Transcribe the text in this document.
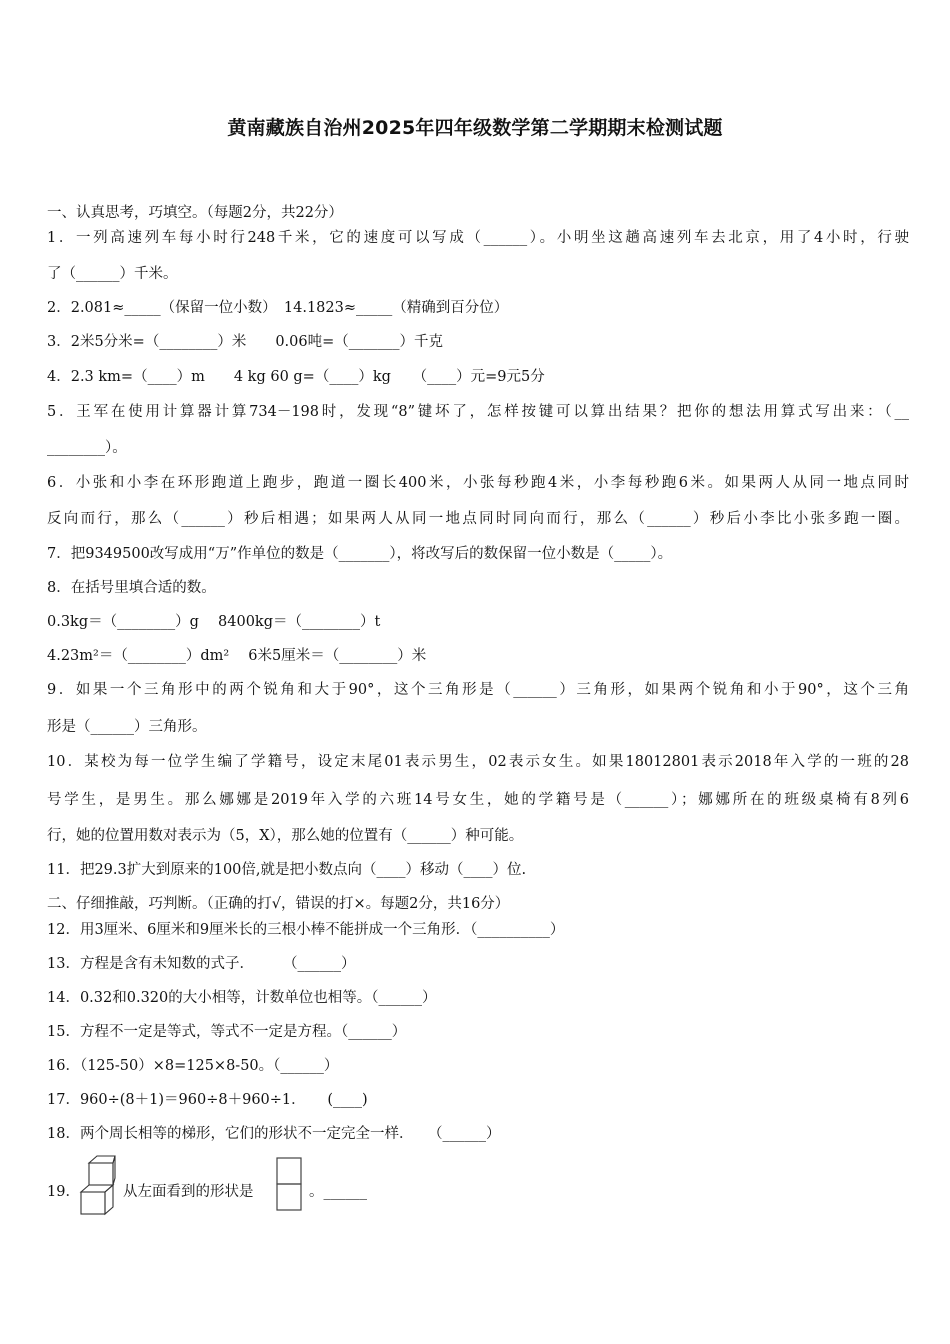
黄南藏族自治州2025年四年级数学第二学期期末检测试题
一、认真思考，巧填空。（每题2分，共22分）
1．一列高速列车每小时行248千米，它的速度可以写成（______）。小明坐这趟高速列车去北京，用了4小时，行驶
了（______）千米。
2．2.081≈_____（保留一位小数）　14.1823≈_____（精确到百分位）
3．2米5分米=（________）米　　0.06吨=（_______）千克
4．2.3 km=（____）m　　4 kg 60 g=（____）kg　　（____）元=9元5分
5．王军在使用计算器计算734－198时，发现“8”键坏了，怎样按键可以算出结果？把你的想法用算式写出来：（__
________）。
6．小张和小李在环形跑道上跑步，跑道一圈长400米，小张每秒跑4米，小李每秒跑6米。如果两人从同一地点同时
反向而行，那么（______）秒后相遇；如果两人从同一地点同时同向而行，那么（______）秒后小李比小张多跑一圈。
7．把9349500改写成用“万”作单位的数是（_______），将改写后的数保留一位小数是（_____）。
8．在括号里填合适的数。
0.3kg＝（________）g　 8400kg＝（________）t
4.23m²＝（________）dm²　 6米5厘米＝（________）米
9．如果一个三角形中的两个锐角和大于90°，这个三角形是（______）三角形，如果两个锐角和小于90°，这个三角
形是（______）三角形。
10．某校为每一位学生编了学籍号，设定末尾01表示男生，02表示女生。如果18012801表示2018年入学的一班的28
号学生，是男生。那么娜娜是2019年入学的六班14号女生，她的学籍号是（______）；娜娜所在的班级桌椅有8列6
行，她的位置用数对表示为（5，X），那么她的位置有（______）种可能。
11．把29.3扩大到原来的100倍,就是把小数点向（____）移动（____）位.
二、仔细推敲，巧判断。（正确的打√，错误的打×。每题2分，共16分）
12．用3厘米、6厘米和9厘米长的三根小棒不能拼成一个三角形．（__________）
13．方程是含有未知数的式子．　　　（______）
14．0.32和0.320的大小相等，计数单位也相等。（______）
15．方程不一定是等式，等式不一定是方程。（______）
16．（125-50）×8=125×8-50。（______）
17．960÷(8＋1)＝960÷8＋960÷1．　　(____)
18．两个周长相等的梯形，它们的形状不一定完全一样．　　（______）
19．	从左面看到的形状是	。______
